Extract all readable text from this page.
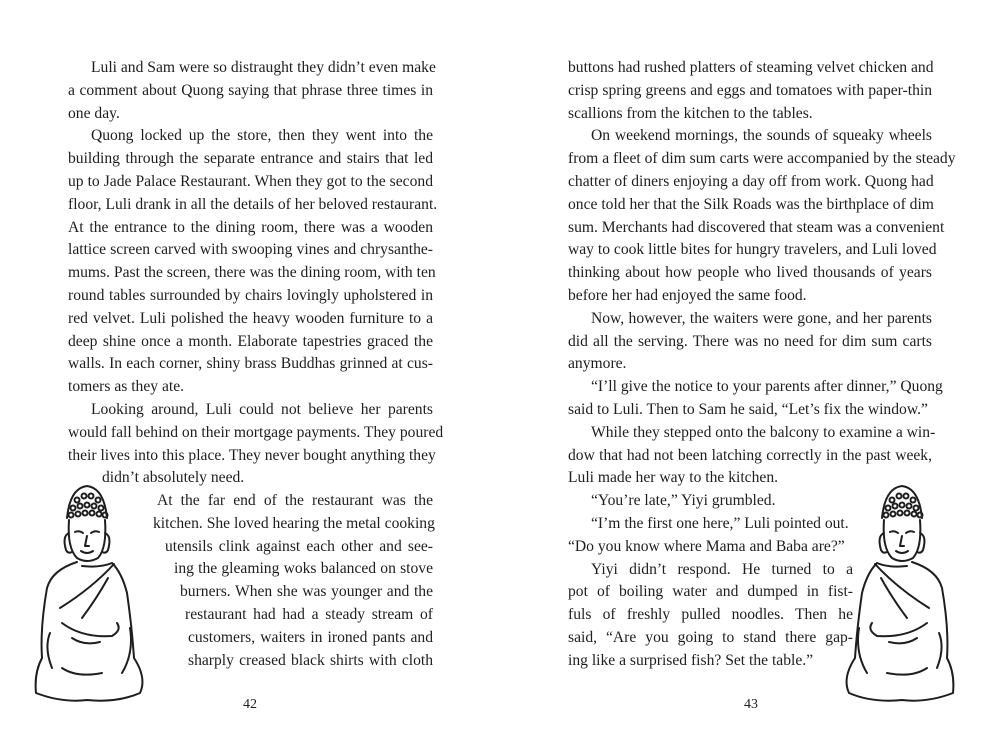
Luli and Sam were so distraught they didn’t even make
a comment about Quong saying that phrase three times in
one day.
Quong locked up the store, then they went into the
building through the separate entrance and stairs that led
up to Jade Palace Restaurant. When they got to the second
floor, Luli drank in all the details of her beloved restaurant.
At the entrance to the dining room, there was a wooden
lattice screen carved with swooping vines and chrysanthe-
mums. Past the screen, there was the dining room, with ten
round tables surrounded by chairs lovingly upholstered in
red velvet. Luli polished the heavy wooden furniture to a
deep shine once a month. Elaborate tapestries graced the
walls. In each corner, shiny brass Buddhas grinned at cus-
tomers as they ate.
Looking around, Luli could not believe her parents
would fall behind on their mortgage payments. They poured
their lives into this place. They never bought anything they
didn’t absolutely need.
At the far end of the restaurant was the
kitchen. She loved hearing the metal cooking
utensils clink against each other and see-
ing the gleaming woks balanced on stove
burners. When she was younger and the
restaurant had had a steady stream of
customers, waiters in ironed pants and
sharply creased black shirts with cloth
42
buttons had rushed platters of steaming velvet chicken and
crisp spring greens and eggs and tomatoes with paper-thin
scallions from the kitchen to the tables.
On weekend mornings, the sounds of squeaky wheels
from a fleet of dim sum carts were accompanied by the steady
chatter of diners enjoying a day off from work. Quong had
once told her that the Silk Roads was the birthplace of dim
sum. Merchants had discovered that steam was a convenient
way to cook little bites for hungry travelers, and Luli loved
thinking about how people who lived thousands of years
before her had enjoyed the same food.
Now, however, the waiters were gone, and her parents
did all the serving. There was no need for dim sum carts
anymore.
“I’ll give the notice to your parents after dinner,” Quong
said to Luli. Then to Sam he said, “Let’s fix the window.”
While they stepped onto the balcony to examine a win-
dow that had not been latching correctly in the past week,
Luli made her way to the kitchen.
“You’re late,” Yiyi grumbled.
“I’m the first one here,” Luli pointed out.
“Do you know where Mama and Baba are?”
Yiyi didn’t respond. He turned to a
pot of boiling water and dumped in fist-
fuls of freshly pulled noodles. Then he
said, “Are you going to stand there gap-
ing like a surprised fish? Set the table.”
43
